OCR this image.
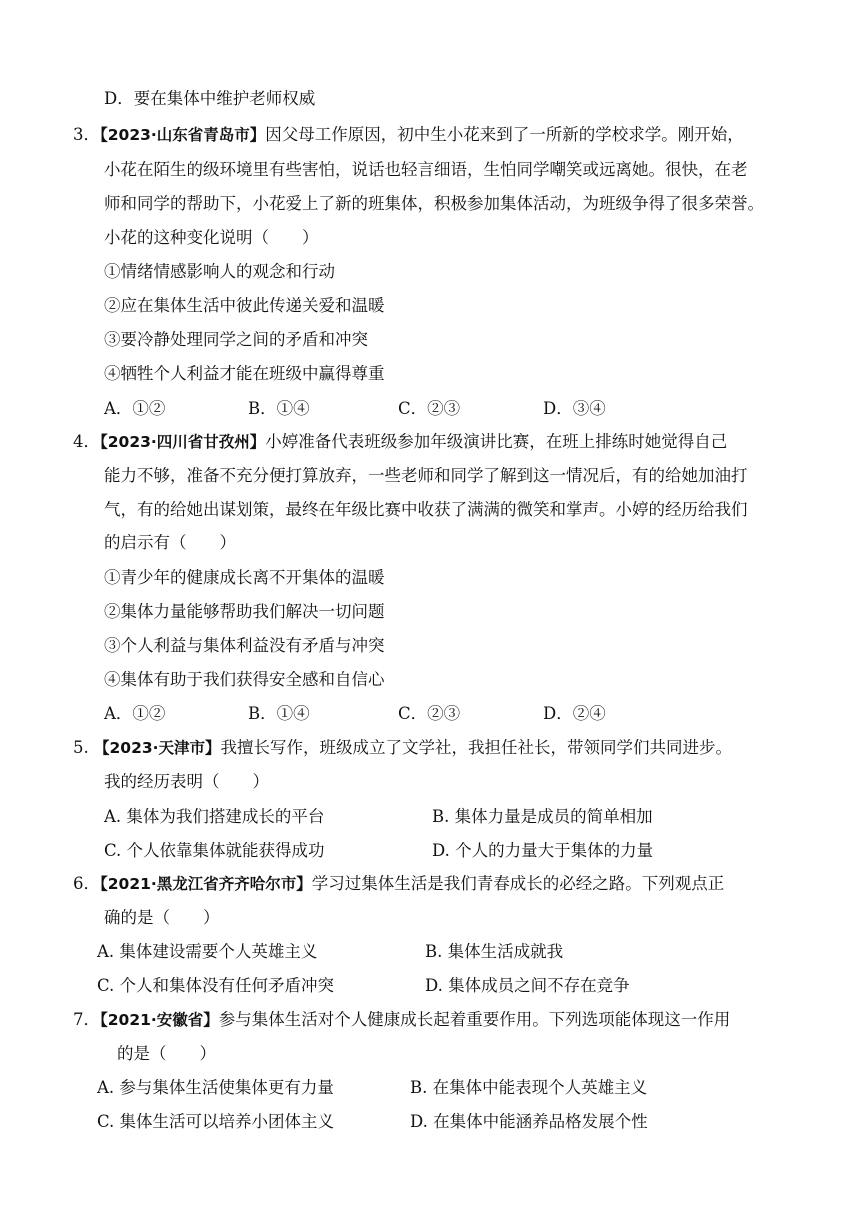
D．要在集体中维护老师权威
3．【2023·山东省青岛市】因父母工作原因，初中生小花来到了一所新的学校求学。刚开始，
小花在陌生的级环境里有些害怕，说话也轻言细语，生怕同学嘲笑或远离她。很快，在老
师和同学的帮助下，小花爱上了新的班集体，积极参加集体活动，为班级争得了很多荣誉。
小花的这种变化说明（　　）
①情绪情感影响人的观念和行动
②应在集体生活中彼此传递关爱和温暖
③要冷静处理同学之间的矛盾和冲突
④牺牲个人利益才能在班级中赢得尊重
A．①②	B．①④	C．②③	D．③④
4．【2023·四川省甘孜州】小婷准备代表班级参加年级演讲比赛，在班上排练时她觉得自己
能力不够，准备不充分便打算放弃，一些老师和同学了解到这一情况后，有的给她加油打
气，有的给她出谋划策，最终在年级比赛中收获了满满的微笑和掌声。小婷的经历给我们
的启示有（　　）
①青少年的健康成长离不开集体的温暖
②集体力量能够帮助我们解决一切问题
③个人利益与集体利益没有矛盾与冲突
④集体有助于我们获得安全感和自信心
A．①②	B．①④	C．②③	D．②④
5. 【2023·天津市】我擅长写作，班级成立了文学社，我担任社长，带领同学们共同进步。
我的经历表明（　　）
A. 集体为我们搭建成长的平台	B. 集体力量是成员的简单相加
C. 个人依靠集体就能获得成功	D. 个人的力量大于集体的力量
6．【2021·黑龙江省齐齐哈尔市】学习过集体生活是我们青春成长的必经之路。下列观点正
确的是（　　）
A. 集体建设需要个人英雄主义	B. 集体生活成就我
C. 个人和集体没有任何矛盾冲突	D. 集体成员之间不存在竞争
7．【2021·安徽省】参与集体生活对个人健康成长起着重要作用。下列选项能体现这一作用
的是（　　）
A. 参与集体生活使集体更有力量	B. 在集体中能表现个人英雄主义
C. 集体生活可以培养小团体主义	D. 在集体中能涵养品格发展个性
